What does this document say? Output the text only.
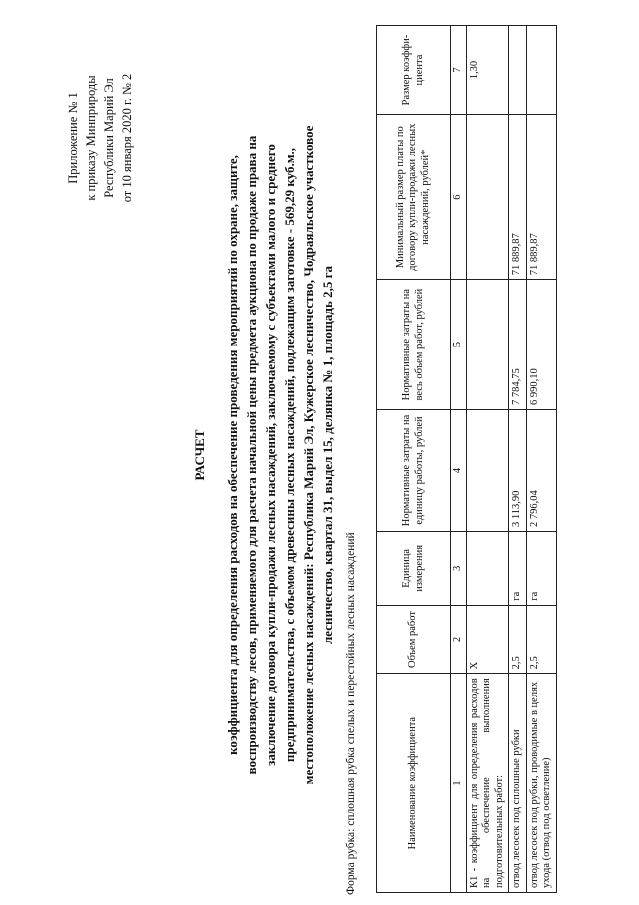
Приложение № 1 к приказу Минприроды Республики Марий Эл от 10 января 2020 г. № 2
РАСЧЕТ коэффициента для определения расходов на обеспечение проведения мероприятий по охране, защите, воспроизводству лесов, применяемого для расчета начальной цены предмета аукциона по продаже права на заключение договора купли-продажи лесных насаждений, заключаемому с субъектами малого и среднего предпринимательства, с объемом древесины лесных насаждений, подлежащим заготовке - 569,29 куб.м., местоположение лесных насаждений: Республика Марий Эл, Кужерское лесничество, Чодраяльское участковое лесничество, квартал 31, выдел 15, делянка № 1, площадь 2,5 га
Форма рубка: сплошная рубка спелых и перестойных лесных насаждений	Наименование коэффициента	Объем работ	Единица измерения	Нормативные затраты на единицу работы, рублей	Нормативные затраты на весь объем работ, рублей	Минимальный размер платы по договору купли-продажи лесных насаждений, рублей*	Размер коэффи-циента
1	2	3	4	5	6	7
К1 - коэффициент для определения расходов на обеспечение выполнения подготовительных работ:	Х					1,30
отвод лесосек под сплошные рубки	2,5	га	3 113,90	7 784,75	71 889,87	
отвод лесосек под рубки, проводимые в целях ухода (отвод под осветление)	2,5	га	2 796,04	6 990,10	71 889,87	
